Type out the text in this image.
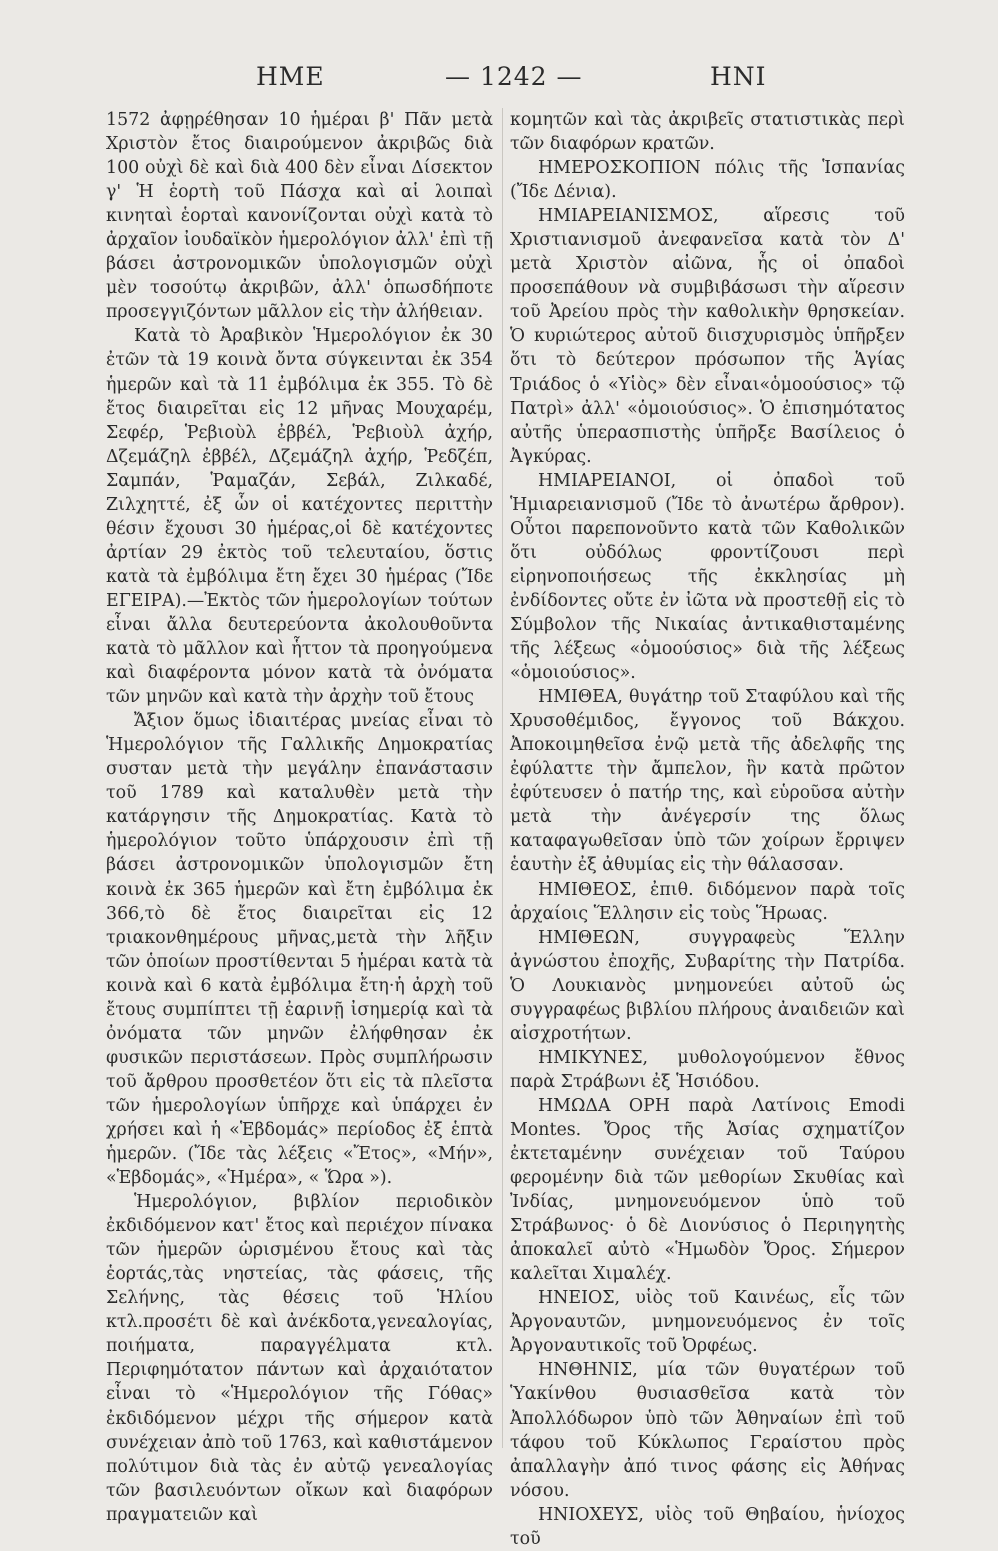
ΗΜΕ	— 1242 —	ΗΝΙ

1572 ἀφῃρέθησαν 10 ἡμέραι β' Πᾶν μετὰ Χριστὸν ἔτος διαιρούμενον ἀκριβῶς διὰ 100 οὐχὶ δὲ καὶ διὰ 400 δὲν εἶναι Δίσεκτον γ' Ἡ ἑορτὴ τοῦ Πάσχα καὶ αἱ λοιπαὶ κινηταὶ ἑορταὶ κανονίζονται οὐχὶ κατὰ τὸ ἀρχαῖον ἰουδαϊκὸν ἡμερολόγιον ἀλλ' ἐπὶ τῇ βάσει ἀστρονομικῶν ὑπολογισμῶν οὐχὶ μὲν τοσούτῳ ἀκριβῶν, ἀλλ' ὁπωσδήποτε προσεγγιζόντων μᾶλλον εἰς τὴν ἀλήθειαν.

Κατὰ τὸ Ἀραβικὸν Ἡμερολόγιον ἐκ 30 ἐτῶν τὰ 19 κοινὰ ὄντα σύγκεινται ἐκ 354 ἡμερῶν καὶ τὰ 11 ἐμβόλιμα ἐκ 355. Τὸ δὲ ἔτος διαιρεῖται εἰς 12 μῆνας Μουχαρέμ, Σεφέρ, Ῥεβιοὺλ ἐββέλ, Ῥεβιοὺλ ἀχήρ, Δζεμάζηλ ἐββέλ, Δζεμάζηλ ἀχήρ, Ῥεδζέπ, Σαμπάν, Ῥαμαζάν, Σεβάλ, Ζιλκαδέ, Ζιλχηττέ, ἐξ ὧν οἱ κατέχοντες περιττὴν θέσιν ἔχουσι 30 ἡμέρας,οἱ δὲ κατέχοντες ἀρτίαν 29 ἐκτὸς τοῦ τελευταίου, ὅστις κατὰ τὰ ἐμβόλιμα ἔτη ἔχει 30 ἡμέρας (Ἴδε ΕΓΕΙΡΑ).—Ἐκτὸς τῶν ἡμερολογίων τούτων εἶναι ἄλλα δευτερεύοντα ἀκολουθοῦντα κατὰ τὸ μᾶλλον καὶ ἧττον τὰ προηγούμενα καὶ διαφέροντα μόνον κατὰ τὰ ὀνόματα τῶν μηνῶν καὶ κατὰ τὴν ἀρχὴν τοῦ ἔτους

Ἄξιον ὅμως ἰδιαιτέρας μνείας εἶναι τὸ Ἡμερολόγιον τῆς Γαλλικῆς Δημοκρατίας συσταν μετὰ τὴν μεγάλην ἐπανάστασιν τοῦ 1789 καὶ καταλυθὲν μετὰ τὴν κατάργησιν τῆς Δημοκρατίας. Κατὰ τὸ ἡμερολόγιον τοῦτο ὑπάρχουσιν ἐπὶ τῇ βάσει ἀστρονομικῶν ὑπολογισμῶν ἔτη κοινὰ ἐκ 365 ἡμερῶν καὶ ἔτη ἐμβόλιμα ἐκ 366,τὸ δὲ ἔτος διαιρεῖται εἰς 12 τριακονθημέρους μῆνας,μετὰ τὴν λῆξιν τῶν ὁποίων προστίθενται 5 ἡμέραι κατὰ τὰ κοινὰ καὶ 6 κατὰ ἐμβόλιμα ἔτη·ἡ ἀρχὴ τοῦ ἔτους συμπίπτει τῇ ἐαρινῇ ἰσημερίᾳ καὶ τὰ ὀνόματα τῶν μηνῶν ἐλήφθησαν ἐκ φυσικῶν περιστάσεων. Πρὸς συμπλήρωσιν τοῦ ἄρθρου προσθετέον ὅτι εἰς τὰ πλεῖστα τῶν ἡμερολογίων ὑπῆρχε καὶ ὑπάρχει ἐν χρήσει καὶ ἡ «Ἑβδομάς» περίοδος ἐξ ἑπτὰ ἡμερῶν. (Ἴδε τὰς λέξεις «Ἔτος», «Μήν», «Ἑβδομάς», «Ἡμέρα», « Ὥρα »).

Ἡμερολόγιον, βιβλίον περιοδικὸν ἐκδιδόμενον κατ' ἔτος καὶ περιέχον πίνακα τῶν ἡμερῶν ὡρισμένου ἔτους καὶ τὰς ἑορτάς,τὰς νηστείας, τὰς φάσεις, τῆς Σελήνης, τὰς θέσεις τοῦ Ἡλίου κτλ.προσέτι δὲ καὶ ἀνέκδοτα,γενεαλογίας, ποιήματα, παραγγέλματα κτλ. Περιφημότατον πάντων καὶ ἀρχαιότατον εἶναι τὸ «Ἡμερολόγιον τῆς Γόθας» ἐκδιδόμενον μέχρι τῆς σήμερον κατὰ συνέχειαν ἀπὸ τοῦ 1763, καὶ καθιστάμενον πολύτιμον διὰ τὰς ἐν αὐτῷ γενεαλογίας τῶν βασιλευόντων οἴκων καὶ διαφόρων πραγματειῶν καὶ

κομητῶν καὶ τὰς ἀκριβεῖς στατιστικὰς περὶ τῶν διαφόρων κρατῶν.

ΗΜΕΡΟΣΚΟΠΙΟΝ πόλις τῆς Ἱσπανίας (Ἴδε Δένια).

ΗΜΙΑΡΕΙΑΝΙΣΜΟΣ, αἵρεσις τοῦ Χριστιανισμοῦ ἀνεφανεῖσα κατὰ τὸν Δ' μετὰ Χριστὸν αἰῶνα, ἧς οἱ ὀπαδοὶ προσεπάθουν νὰ συμβιβάσωσι τὴν αἵρεσιν τοῦ Ἀρείου πρὸς τὴν καθολικὴν θρησκείαν. Ὁ κυριώτερος αὐτοῦ διισχυρισμὸς ὑπῆρξεν ὅτι τὸ δεύτερον πρόσωπον τῆς Ἁγίας Τριάδος ὁ «Υἱὸς» δὲν εἶναι«ὁμοούσιος» τῷ Πατρὶ» ἀλλ' «ὁμοιούσιος». Ὁ ἐπισημότατος αὐτῆς ὑπερασπιστὴς ὑπῆρξε Βασίλειος ὁ Ἀγκύρας.

ΗΜΙΑΡΕΙΑΝΟΙ, οἱ ὀπαδοὶ τοῦ Ἡμιαρειανισμοῦ (Ἴδε τὸ ἀνωτέρω ἄρθρον). Οὗτοι παρεπονοῦντο κατὰ τῶν Καθολικῶν ὅτι οὐδόλως φροντίζουσι περὶ εἰρηνοποιήσεως τῆς ἐκκλησίας μὴ ἐνδίδοντες οὔτε ἐν ἰῶτα νὰ προστεθῇ εἰς τὸ Σύμβολον τῆς Νικαίας ἀντικαθισταμένης τῆς λέξεως «ὁμοούσιος» διὰ τῆς λέξεως «ὁμοιούσιος».

ΗΜΙΘΕΑ, θυγάτηρ τοῦ Σταφύλου καὶ τῆς Χρυσοθέμιδος, ἔγγονος τοῦ Βάκχου. Ἀποκοιμηθεῖσα ἐνῷ μετὰ τῆς ἀδελφῆς της ἐφύλαττε τὴν ἄμπελον, ἣν κατὰ πρῶτον ἐφύτευσεν ὁ πατήρ της, καὶ εὑροῦσα αὐτὴν μετὰ τὴν ἀνέγερσίν της ὅλως καταφαγωθεῖσαν ὑπὸ τῶν χοίρων ἔρριψεν ἑαυτὴν ἐξ ἀθυμίας εἰς τὴν θάλασσαν.

ΗΜΙΘΕΟΣ, ἐπιθ. διδόμενον παρὰ τοῖς ἀρχαίοις Ἕλλησιν εἰς τοὺς Ἥρωας.

ΗΜΙΘΕΩΝ, συγγραφεὺς Ἕλλην ἀγνώστου ἐποχῆς, Συβαρίτης τὴν Πατρίδα. Ὁ Λουκιανὸς μνημονεύει αὐτοῦ ὡς συγγραφέως βιβλίου πλήρους ἀναιδειῶν καὶ αἰσχροτήτων.

ΗΜΙΚΥΝΕΣ, μυθολογούμενον ἔθνος παρὰ Στράβωνι ἐξ Ἡσιόδου.

ΗΜΩΔΑ ΟΡΗ παρὰ Λατίνοις Emodi Montes. Ὄρος τῆς Ἀσίας σχηματίζον ἐκτεταμένην συνέχειαν τοῦ Ταύρου φερομένην διὰ τῶν μεθορίων Σκυθίας καὶ Ἰνδίας, μνημονευόμενον ὑπὸ τοῦ Στράβωνος· ὁ δὲ Διονύσιος ὁ Περιηγητὴς ἀποκαλεῖ αὐτὸ «Ἡμωδὸν Ὄρος. Σήμερον καλεῖται Χιμαλέχ.

ΗΝΕΙΟΣ, υἱὸς τοῦ Καινέως, εἷς τῶν Ἀργοναυτῶν, μνημονευόμενος ἐν τοῖς Ἀργοναυτικοῖς τοῦ Ὀρφέως.

ΗΝΘΗΝΙΣ, μία τῶν θυγατέρων τοῦ Ὑακίνθου θυσιασθεῖσα κατὰ τὸν Ἀπολλόδωρον ὑπὸ τῶν Ἀθηναίων ἐπὶ τοῦ τάφου τοῦ Κύκλωπος Γεραίστου πρὸς ἀπαλλαγὴν ἀπό τινος φάσης εἰς Ἀθήνας νόσου.

ΗΝΙΟΧΕΥΣ, υἱὸς τοῦ Θηβαίου, ἡνίοχος τοῦ
